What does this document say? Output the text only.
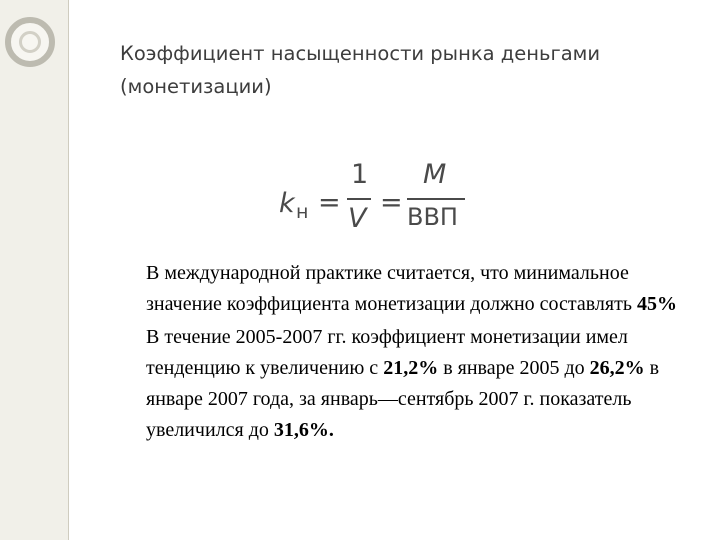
Коэффициент насыщенности рынка деньгами (монетизации)
k н =
1
V
=
M
ВВП

В международной практике считается, что минимальное значение коэффициента монетизации должно составлять 45%

В течение 2005-2007 гг. коэффициент монетизации имел тенденцию к увеличению с 21,2% в январе 2005 до 26,2% в январе 2007 года, за январь—сентябрь 2007 г. показатель увеличился до 31,6%.
